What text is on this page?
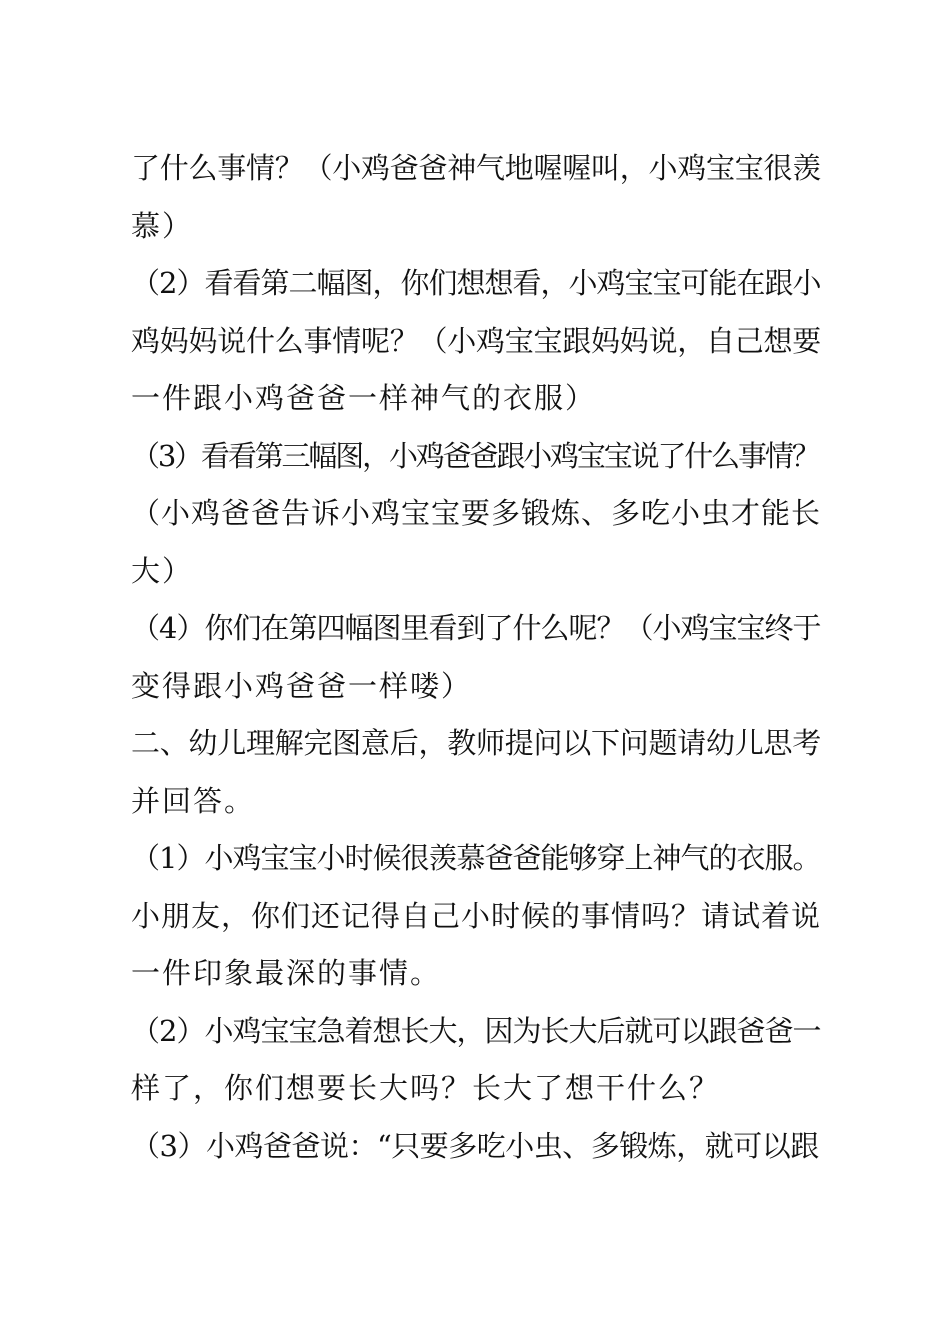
了什么事情？（小鸡爸爸神气地喔喔叫，小鸡宝宝很羡
慕）
（2）看看第二幅图，你们想想看，小鸡宝宝可能在跟小
鸡妈妈说什么事情呢？（小鸡宝宝跟妈妈说，自己想要
一件跟小鸡爸爸一样神气的衣服）
（3）看看第三幅图，小鸡爸爸跟小鸡宝宝说了什么事情？
（小鸡爸爸告诉小鸡宝宝要多锻炼、多吃小虫才能长
大）
（4）你们在第四幅图里看到了什么呢？（小鸡宝宝终于
变得跟小鸡爸爸一样喽）
二、幼儿理解完图意后，教师提问以下问题请幼儿思考
并回答。
（1）小鸡宝宝小时候很羡慕爸爸能够穿上神气的衣服。
小朋友，你们还记得自己小时候的事情吗？请试着说
一件印象最深的事情。
（2）小鸡宝宝急着想长大，因为长大后就可以跟爸爸一
样了，你们想要长大吗？长大了想干什么？
（3）小鸡爸爸说：“只要多吃小虫、多锻炼，就可以跟
